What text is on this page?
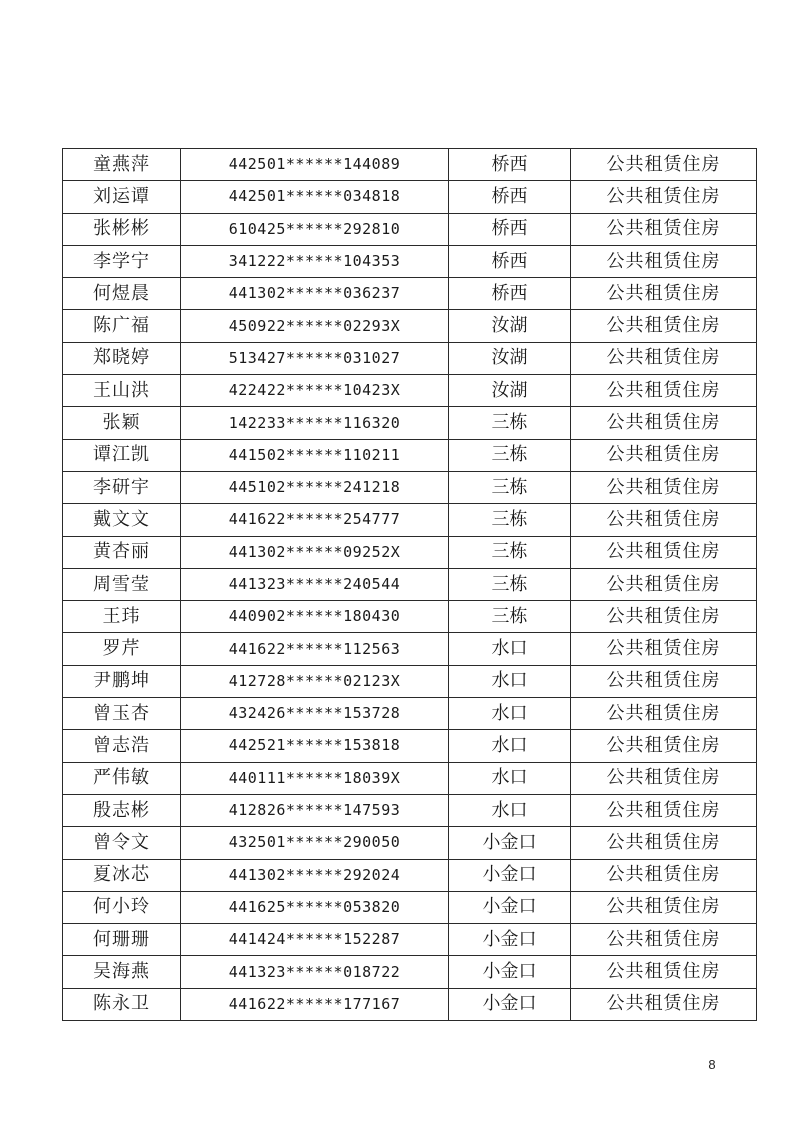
童燕萍	442501******144089	桥西	公共租赁住房
刘运谭	442501******034818	桥西	公共租赁住房
张彬彬	610425******292810	桥西	公共租赁住房
李学宁	341222******104353	桥西	公共租赁住房
何煜晨	441302******036237	桥西	公共租赁住房
陈广福	450922******02293X	汝湖	公共租赁住房
郑晓婷	513427******031027	汝湖	公共租赁住房
王山洪	422422******10423X	汝湖	公共租赁住房
张颖	142233******116320	三栋	公共租赁住房
谭江凯	441502******110211	三栋	公共租赁住房
李研宇	445102******241218	三栋	公共租赁住房
戴文文	441622******254777	三栋	公共租赁住房
黄杏丽	441302******09252X	三栋	公共租赁住房
周雪莹	441323******240544	三栋	公共租赁住房
王玮	440902******180430	三栋	公共租赁住房
罗芹	441622******112563	水口	公共租赁住房
尹鹏坤	412728******02123X	水口	公共租赁住房
曾玉杏	432426******153728	水口	公共租赁住房
曾志浩	442521******153818	水口	公共租赁住房
严伟敏	440111******18039X	水口	公共租赁住房
殷志彬	412826******147593	水口	公共租赁住房
曾令文	432501******290050	小金口	公共租赁住房
夏冰芯	441302******292024	小金口	公共租赁住房
何小玲	441625******053820	小金口	公共租赁住房
何珊珊	441424******152287	小金口	公共租赁住房
吴海燕	441323******018722	小金口	公共租赁住房
陈永卫	441622******177167	小金口	公共租赁住房
8
